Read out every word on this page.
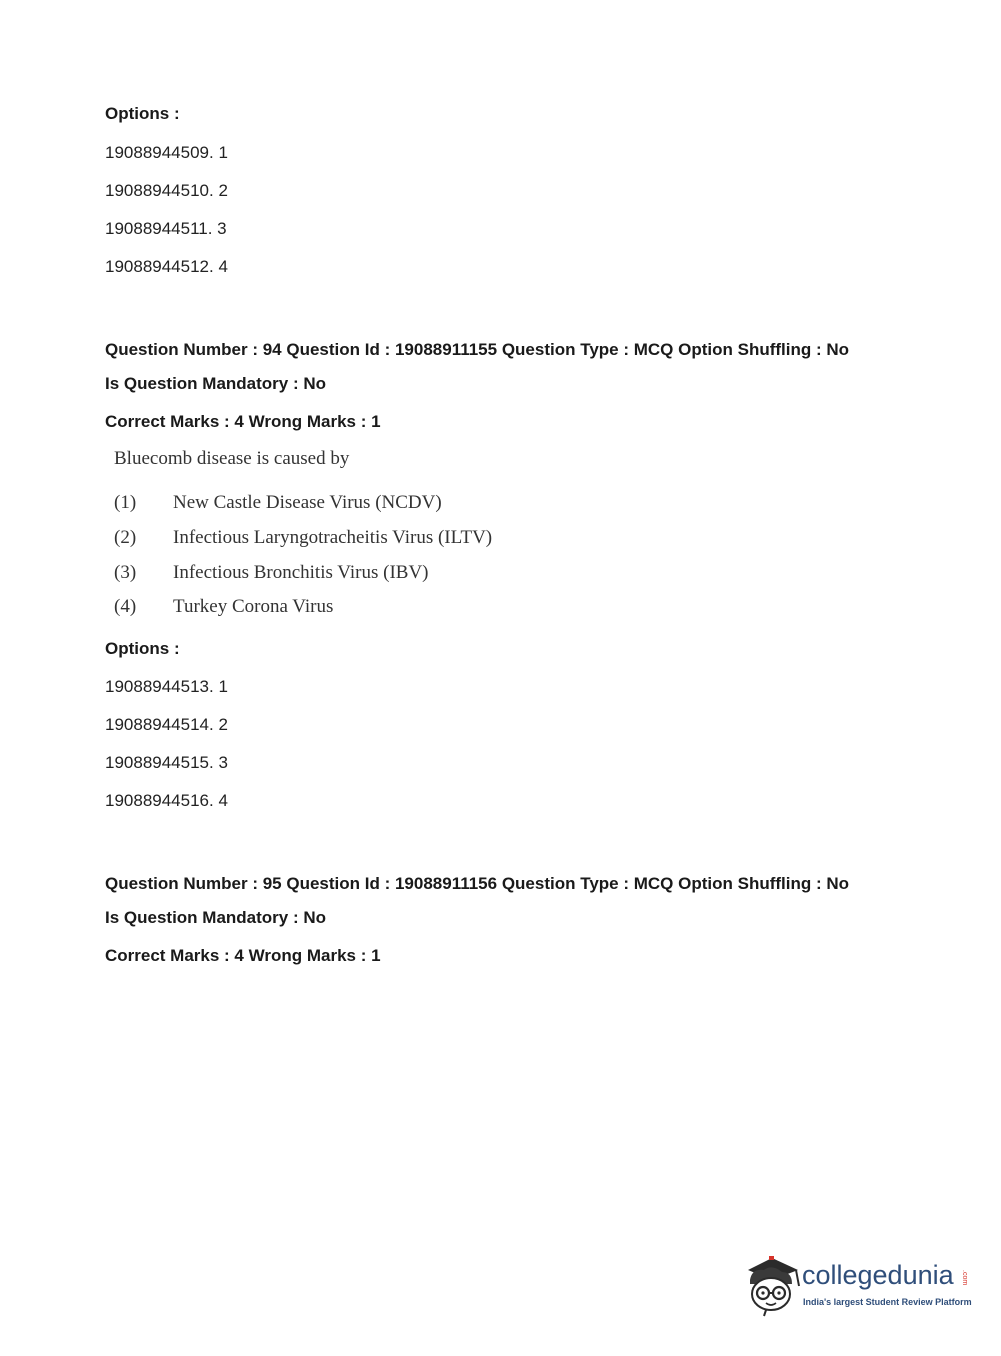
Options :
19088944509. 1
19088944510. 2
19088944511. 3
19088944512. 4
Question Number : 94 Question Id : 19088911155 Question Type : MCQ Option Shuffling : No
Is Question Mandatory : No
Correct Marks : 4 Wrong Marks : 1
Bluecomb disease is caused by
(1) New Castle Disease Virus (NCDV)
(2) Infectious Laryngotracheitis Virus (ILTV)
(3) Infectious Bronchitis Virus (IBV)
(4) Turkey Corona Virus
Options :
19088944513. 1
19088944514. 2
19088944515. 3
19088944516. 4
Question Number : 95 Question Id : 19088911156 Question Type : MCQ Option Shuffling : No
Is Question Mandatory : No
Correct Marks : 4 Wrong Marks : 1
collegedunia .com
India's largest Student Review Platform
